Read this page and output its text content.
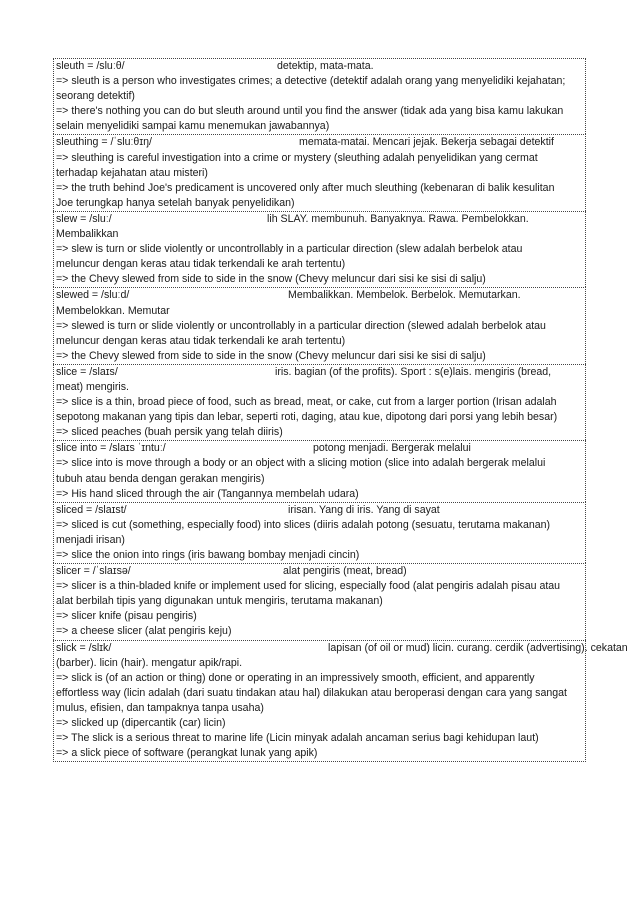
sleuth = /sluːθ/	detektip, mata-mata.
=> sleuth is a person who investigates crimes; a detective (detektif adalah orang yang menyelidiki kejahatan;
seorang detektif)
=> there's nothing you can do but sleuth around until you find the answer (tidak ada yang bisa kamu lakukan
selain menyelidiki sampai kamu menemukan jawabannya)
sleuthing = /ˈsluːθɪŋ/	memata-matai. Mencari jejak. Bekerja sebagai detektif
=> sleuthing is careful investigation into a crime or mystery (sleuthing adalah penyelidikan yang cermat
terhadap kejahatan atau misteri)
=> the truth behind Joe's predicament is uncovered only after much sleuthing (kebenaran di balik kesulitan
Joe terungkap hanya setelah banyak penyelidikan)
slew = /sluː/	lih SLAY. membunuh. Banyaknya. Rawa. Pembelokkan.
Membalikkan
=> slew is turn or slide violently or uncontrollably in a particular direction (slew adalah berbelok atau
meluncur dengan keras atau tidak terkendali ke arah tertentu)
=> the Chevy slewed from side to side in the snow (Chevy meluncur dari sisi ke sisi di salju)
slewed = /sluːd/	Membalikkan. Membelok. Berbelok. Memutarkan.
Membelokkan. Memutar
=> slewed is turn or slide violently or uncontrollably in a particular direction (slewed adalah berbelok atau
meluncur dengan keras atau tidak terkendali ke arah tertentu)
=> the Chevy slewed from side to side in the snow (Chevy meluncur dari sisi ke sisi di salju)
slice = /slaɪs/	iris. bagian (of the profits). Sport : s(e)lais. mengiris (bread,
meat) mengiris.
=> slice is a thin, broad piece of food, such as bread, meat, or cake, cut from a larger portion (Irisan adalah
sepotong makanan yang tipis dan lebar, seperti roti, daging, atau kue, dipotong dari porsi yang lebih besar)
=> sliced peaches (buah persik yang telah diiris)
slice into = /slaɪs ˈɪntuː/	potong menjadi. Bergerak melalui
=> slice into is move through a body or an object with a slicing motion (slice into adalah bergerak melalui
tubuh atau benda dengan gerakan mengiris)
=> His hand sliced through the air (Tangannya membelah udara)
sliced = /slaɪst/	irisan. Yang di iris. Yang di sayat
=> sliced is cut (something, especially food) into slices (diiris adalah potong (sesuatu, terutama makanan)
menjadi irisan)
=> slice the onion into rings (iris bawang bombay menjadi cincin)
slicer = /ˈslaɪsə/	alat pengiris (meat, bread)
=> slicer is a thin-bladed knife or implement used for slicing, especially food (alat pengiris adalah pisau atau
alat berbilah tipis yang digunakan untuk mengiris, terutama makanan)
=> slicer knife (pisau pengiris)
=> a cheese slicer (alat pengiris keju)
slick = /slɪk/	lapisan (of oil or mud) licin. curang. cerdik (advertising). cekatan
(barber). licin (hair). mengatur apik/rapi.
=> slick is (of an action or thing) done or operating in an impressively smooth, efficient, and apparently
effortless way (licin adalah (dari suatu tindakan atau hal) dilakukan atau beroperasi dengan cara yang sangat
mulus, efisien, dan tampaknya tanpa usaha)
=> slicked up (dipercantik (car) licin)
=> The slick is a serious threat to marine life (Licin minyak adalah ancaman serius bagi kehidupan laut)
=> a slick piece of software (perangkat lunak yang apik)
